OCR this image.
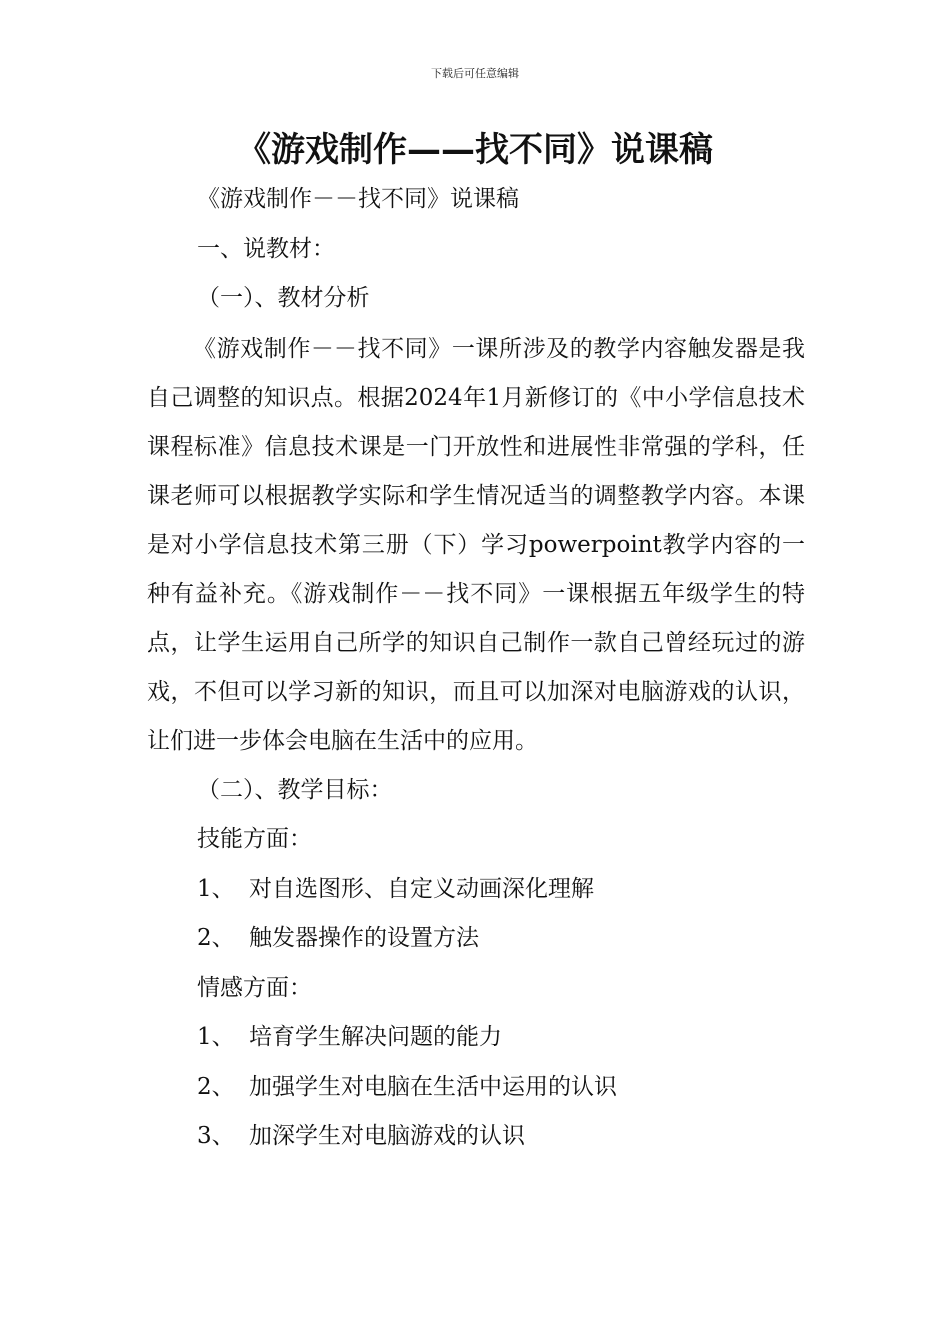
下载后可任意编辑
《游戏制作——找不同》说课稿
《游戏制作－－找不同》说课稿
一、说教材：
（一）、教材分析

《游戏制作－－找不同》一课所涉及的教学内容触发器是我自己调整的知识点。根据2024年1月新修订的《中小学信息技术课程标准》信息技术课是一门开放性和进展性非常强的学科，任课老师可以根据教学实际和学生情况适当的调整教学内容。本课是对小学信息技术第三册（下）学习powerpoint教学内容的一种有益补充。《游戏制作－－找不同》一课根据五年级学生的特点，让学生运用自己所学的知识自己制作一款自己曾经玩过的游戏，不但可以学习新的知识，而且可以加深对电脑游戏的认识，让们进一步体会电脑在生活中的应用。

（二）、教学目标：
技能方面：
1、 对自选图形、自定义动画深化理解
2、 触发器操作的设置方法
情感方面：
1、 培育学生解决问题的能力
2、 加强学生对电脑在生活中运用的认识
3、 加深学生对电脑游戏的认识
